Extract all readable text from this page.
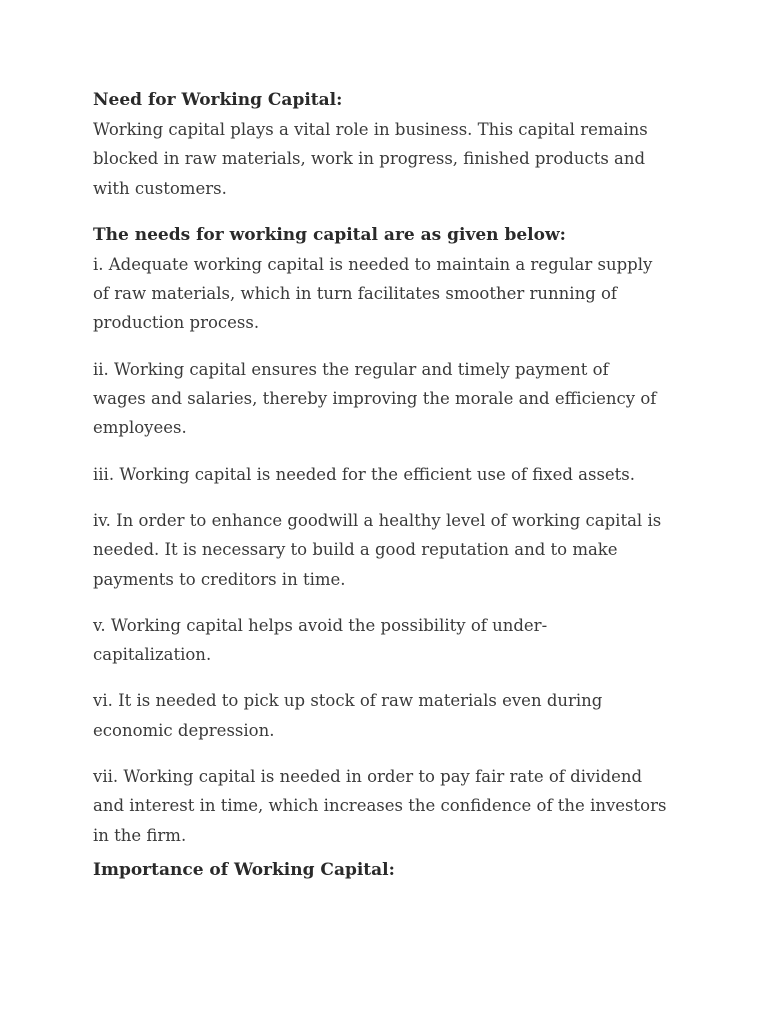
Need for Working Capital:

Working capital plays a vital role in business. This capital remains blocked in raw materials, work in progress, finished products and with customers.

The needs for working capital are as given below:

i. Adequate working capital is needed to maintain a regular supply of raw materials, which in turn facilitates smoother running of production process.

ii. Working capital ensures the regular and timely payment of wages and salaries, thereby improving the morale and efficiency of employees.

iii. Working capital is needed for the efficient use of fixed assets.

iv. In order to enhance goodwill a healthy level of working capital is needed. It is necessary to build a good reputation and to make payments to creditors in time.

v. Working capital helps avoid the possibility of under-capitalization.

vi. It is needed to pick up stock of raw materials even during economic depression.

vii. Working capital is needed in order to pay fair rate of dividend and interest in time, which increases the confidence of the investors in the firm.

Importance of Working Capital:
